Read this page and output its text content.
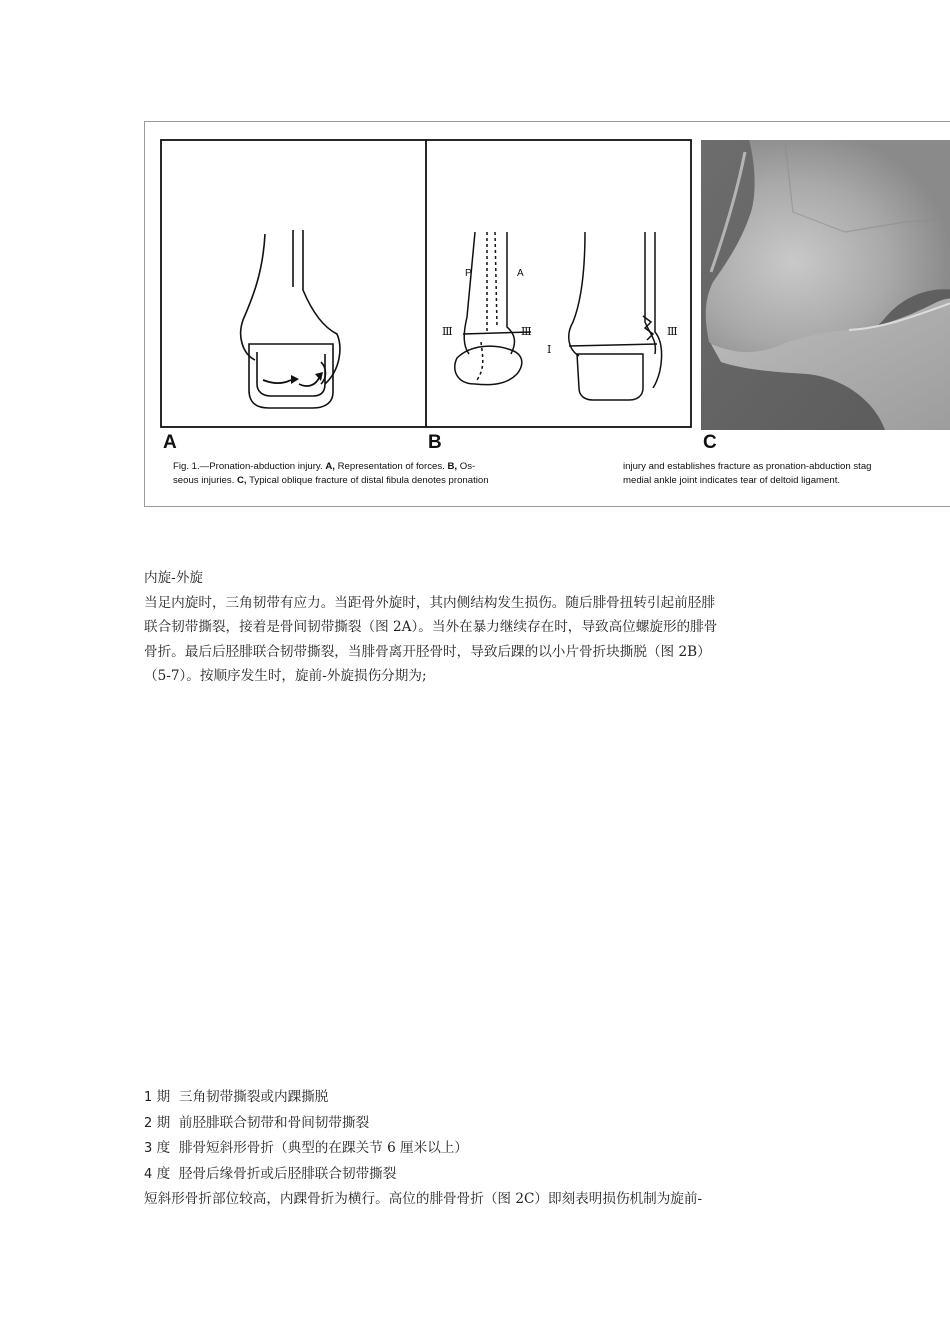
P	A
Ⅲ	Ⅲ
Ⅰ
Ⅲ
A	B	C
Fig. 1.—Pronation-abduction injury. A, Representation of forces. B, Os-
seous injuries. C, Typical oblique fracture of distal fibula denotes pronation
injury and establishes fracture as pronation-abduction stag
medial ankle joint indicates tear of deltoid ligament.

内旋-外旋

当足内旋时，三角韧带有应力。当距骨外旋时，其内侧结构发生损伤。随后腓骨扭转引起前胫腓

联合韧带撕裂，接着是骨间韧带撕裂（图 2A）。当外在暴力继续存在时，导致高位螺旋形的腓骨

骨折。最后后胫腓联合韧带撕裂，当腓骨离开胫骨时，导致后踝的以小片骨折块撕脱（图 2B）

（5-7）。按顺序发生时，旋前-外旋损伤分期为;

1 期 三角韧带撕裂或内踝撕脱

2 期 前胫腓联合韧带和骨间韧带撕裂

3 度 腓骨短斜形骨折（典型的在踝关节 6 厘米以上）

4 度 胫骨后缘骨折或后胫腓联合韧带撕裂

短斜形骨折部位较高，内踝骨折为横行。高位的腓骨骨折（图 2C）即刻表明损伤机制为旋前-
